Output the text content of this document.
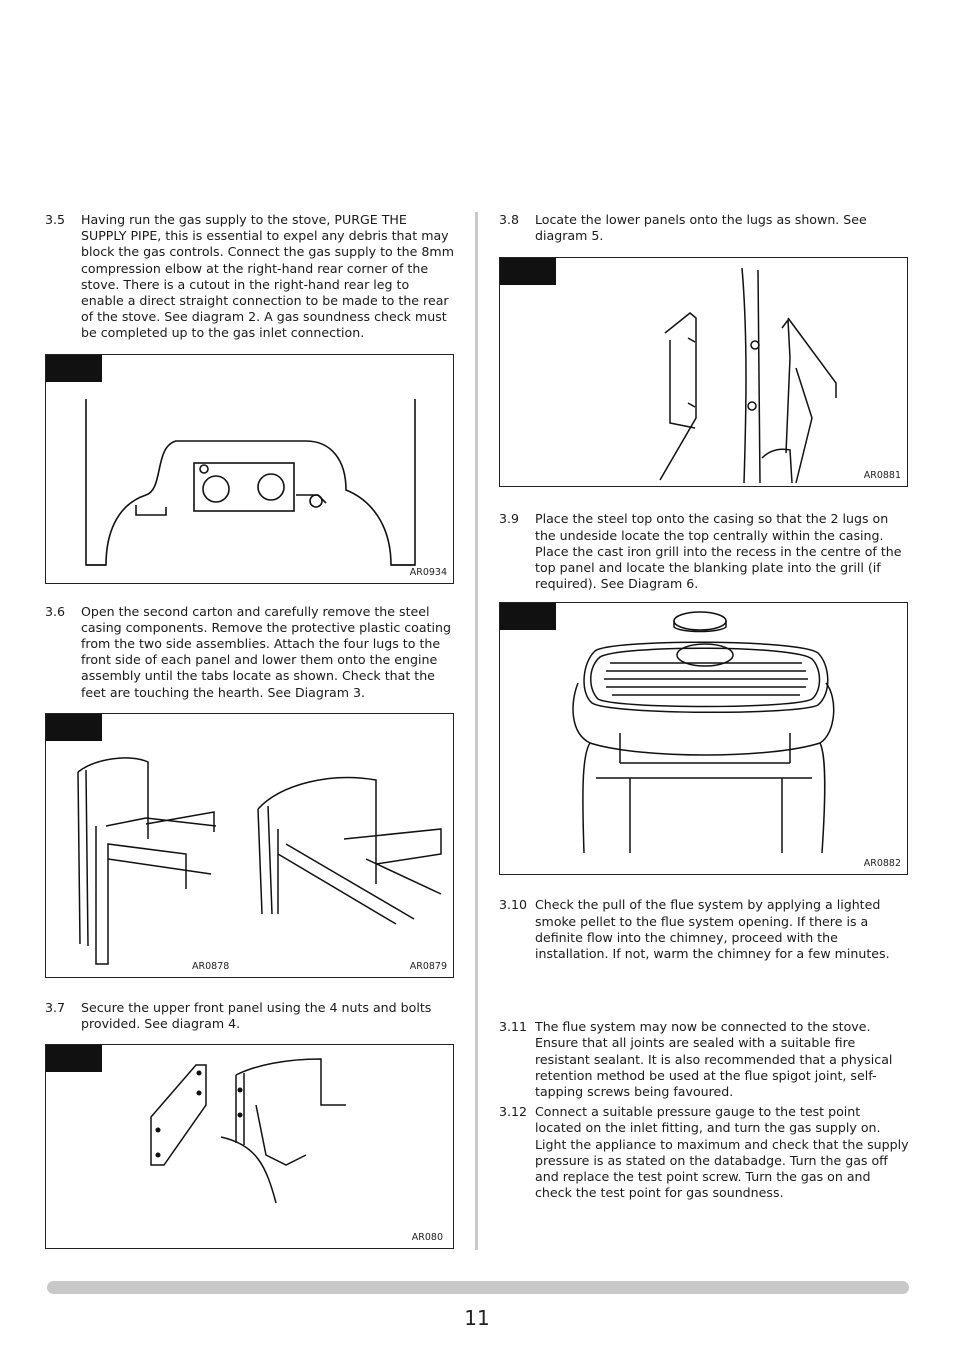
3.5 Having run the gas supply to the stove, PURGE THE SUPPLY PIPE, this is essential to expel any debris that may block the gas controls. Connect the gas supply to the 8mm compression elbow at the right-hand rear corner of the stove. There is a cutout in the right-hand rear leg to enable a direct straight connection to be made to the rear of the stove. See diagram 2. A gas soundness check must be completed up to the gas inlet connection.
AR0934
3.6 Open the second carton and carefully remove the steel casing components. Remove the protective plastic coating from the two side assemblies. Attach the four lugs to the front side of each panel and lower them onto the engine assembly until the tabs locate as shown. Check that the feet are touching the hearth. See Diagram 3.
AR0878	AR0879
3.7 Secure the upper front panel using the 4 nuts and bolts provided. See diagram 4.
AR080
3.8 Locate the lower panels onto the lugs as shown. See diagram 5.
AR0881
3.9 Place the steel top onto the casing so that the 2 lugs on the undeside locate the top centrally within the casing. Place the cast iron grill into the recess in the centre of the top panel and locate the blanking plate into the grill (if required). See Diagram 6.
AR0882
3.10 Check the pull of the flue system by applying a lighted smoke pellet to the flue system opening. If there is a definite flow into the chimney, proceed with the installation. If not, warm the chimney for a few minutes.
3.11 The flue system may now be connected to the stove. Ensure that all joints are sealed with a suitable fire resistant sealant. It is also recommended that a physical retention method be used at the flue spigot joint, self-tapping screws being favoured.
3.12 Connect a suitable pressure gauge to the test point located on the inlet fitting, and turn the gas supply on. Light the appliance to maximum and check that the supply pressure is as stated on the databadge. Turn the gas off and replace the test point screw. Turn the gas on and check the test point for gas soundness.
11
